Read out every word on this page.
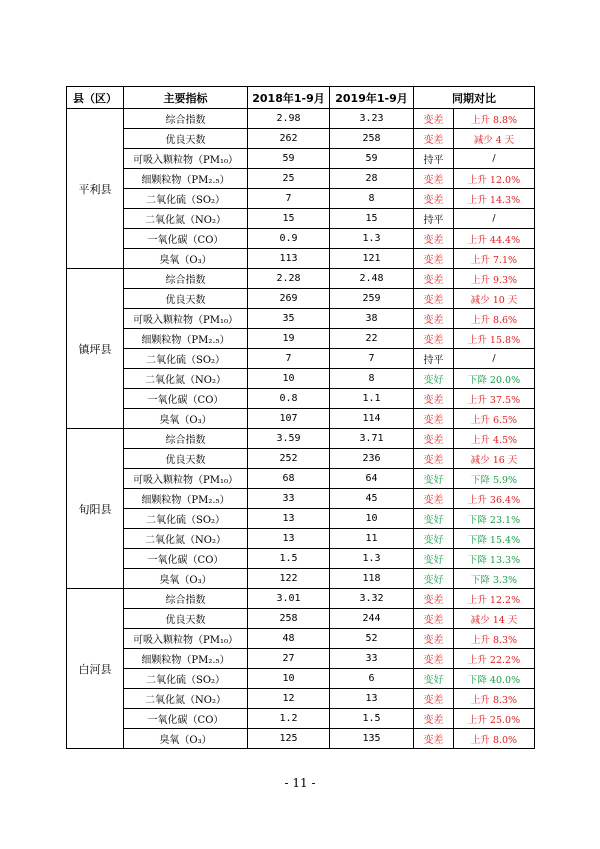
县（区）	主要指标	2018年1-9月	2019年1-9月	同期对比	
平利县	综合指数	2.98	3.23	变差	上升 8.8%
	优良天数	262	258	变差	减少 4 天
	可吸入颗粒物（PM₁₀）	59	59	持平	/
	细颗粒物（PM₂.₅）	25	28	变差	上升 12.0%
	二氧化硫（SO₂）	7	8	变差	上升 14.3%
	二氧化氮（NO₂）	15	15	持平	/
	一氧化碳（CO）	0.9	1.3	变差	上升 44.4%
	臭氧（O₃）	113	121	变差	上升 7.1%
镇坪县	综合指数	2.28	2.48	变差	上升 9.3%
	优良天数	269	259	变差	减少 10 天
	可吸入颗粒物（PM₁₀）	35	38	变差	上升 8.6%
	细颗粒物（PM₂.₅）	19	22	变差	上升 15.8%
	二氧化硫（SO₂）	7	7	持平	/
	二氧化氮（NO₂）	10	8	变好	下降 20.0%
	一氧化碳（CO）	0.8	1.1	变差	上升 37.5%
	臭氧（O₃）	107	114	变差	上升 6.5%
旬阳县	综合指数	3.59	3.71	变差	上升 4.5%
	优良天数	252	236	变差	减少 16 天
	可吸入颗粒物（PM₁₀）	68	64	变好	下降 5.9%
	细颗粒物（PM₂.₅）	33	45	变差	上升 36.4%
	二氧化硫（SO₂）	13	10	变好	下降 23.1%
	二氧化氮（NO₂）	13	11	变好	下降 15.4%
	一氧化碳（CO）	1.5	1.3	变好	下降 13.3%
	臭氧（O₃）	122	118	变好	下降 3.3%
白河县	综合指数	3.01	3.32	变差	上升 12.2%
	优良天数	258	244	变差	减少 14 天
	可吸入颗粒物（PM₁₀）	48	52	变差	上升 8.3%
	细颗粒物（PM₂.₅）	27	33	变差	上升 22.2%
	二氧化硫（SO₂）	10	6	变好	下降 40.0%
	二氧化氮（NO₂）	12	13	变差	上升 8.3%
	一氧化碳（CO）	1.2	1.5	变差	上升 25.0%
	臭氧（O₃）	125	135	变差	上升 8.0%
- 11 -
